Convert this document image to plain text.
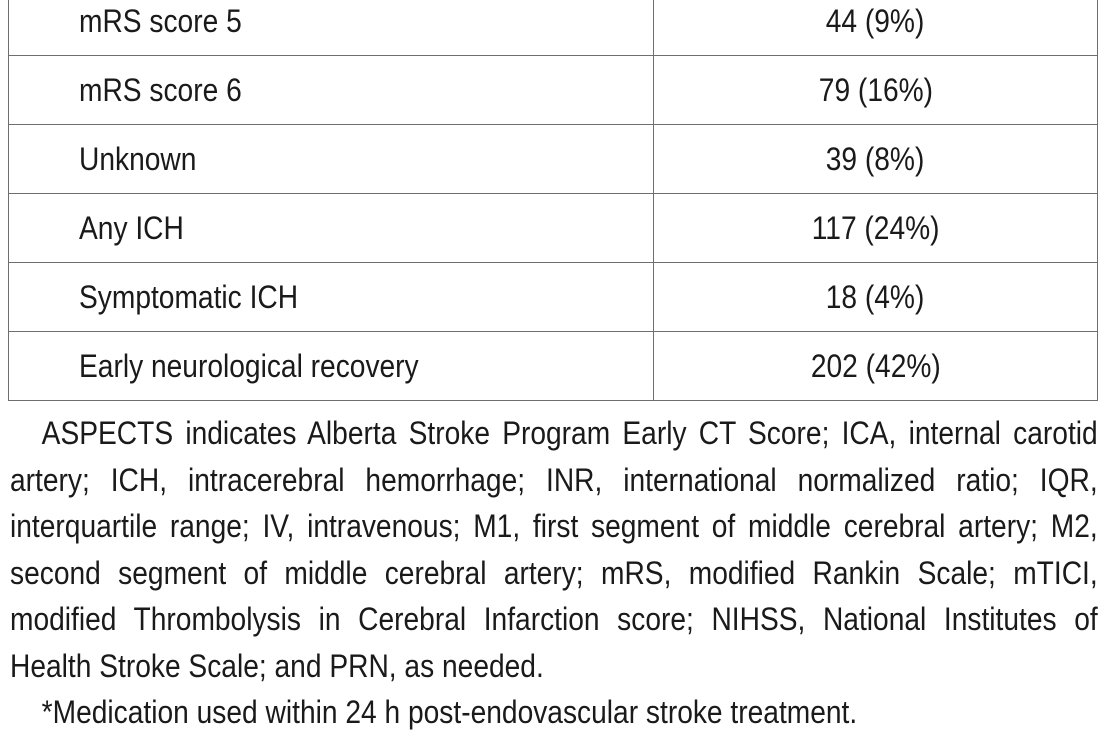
mRS score 5	44 (9%)
mRS score 6	79 (16%)
Unknown	39 (8%)
Any ICH	117 (24%)
Symptomatic ICH	18 (4%)
Early neurological recovery	202 (42%)

ASPECTS indicates Alberta Stroke Program Early CT Score; ICA, internal carotid artery; ICH, intracerebral hemorrhage; INR, international normalized ratio; IQR, interquartile range; IV, intravenous; M1, first segment of middle cerebral artery; M2, second segment of middle cerebral artery; mRS, modified Rankin Scale; mTICI, modified Thrombolysis in Cerebral Infarction score; NIHSS, National Institutes of Health Stroke Scale; and PRN, as needed.

*Medication used within 24 h post-endovascular stroke treatment.
